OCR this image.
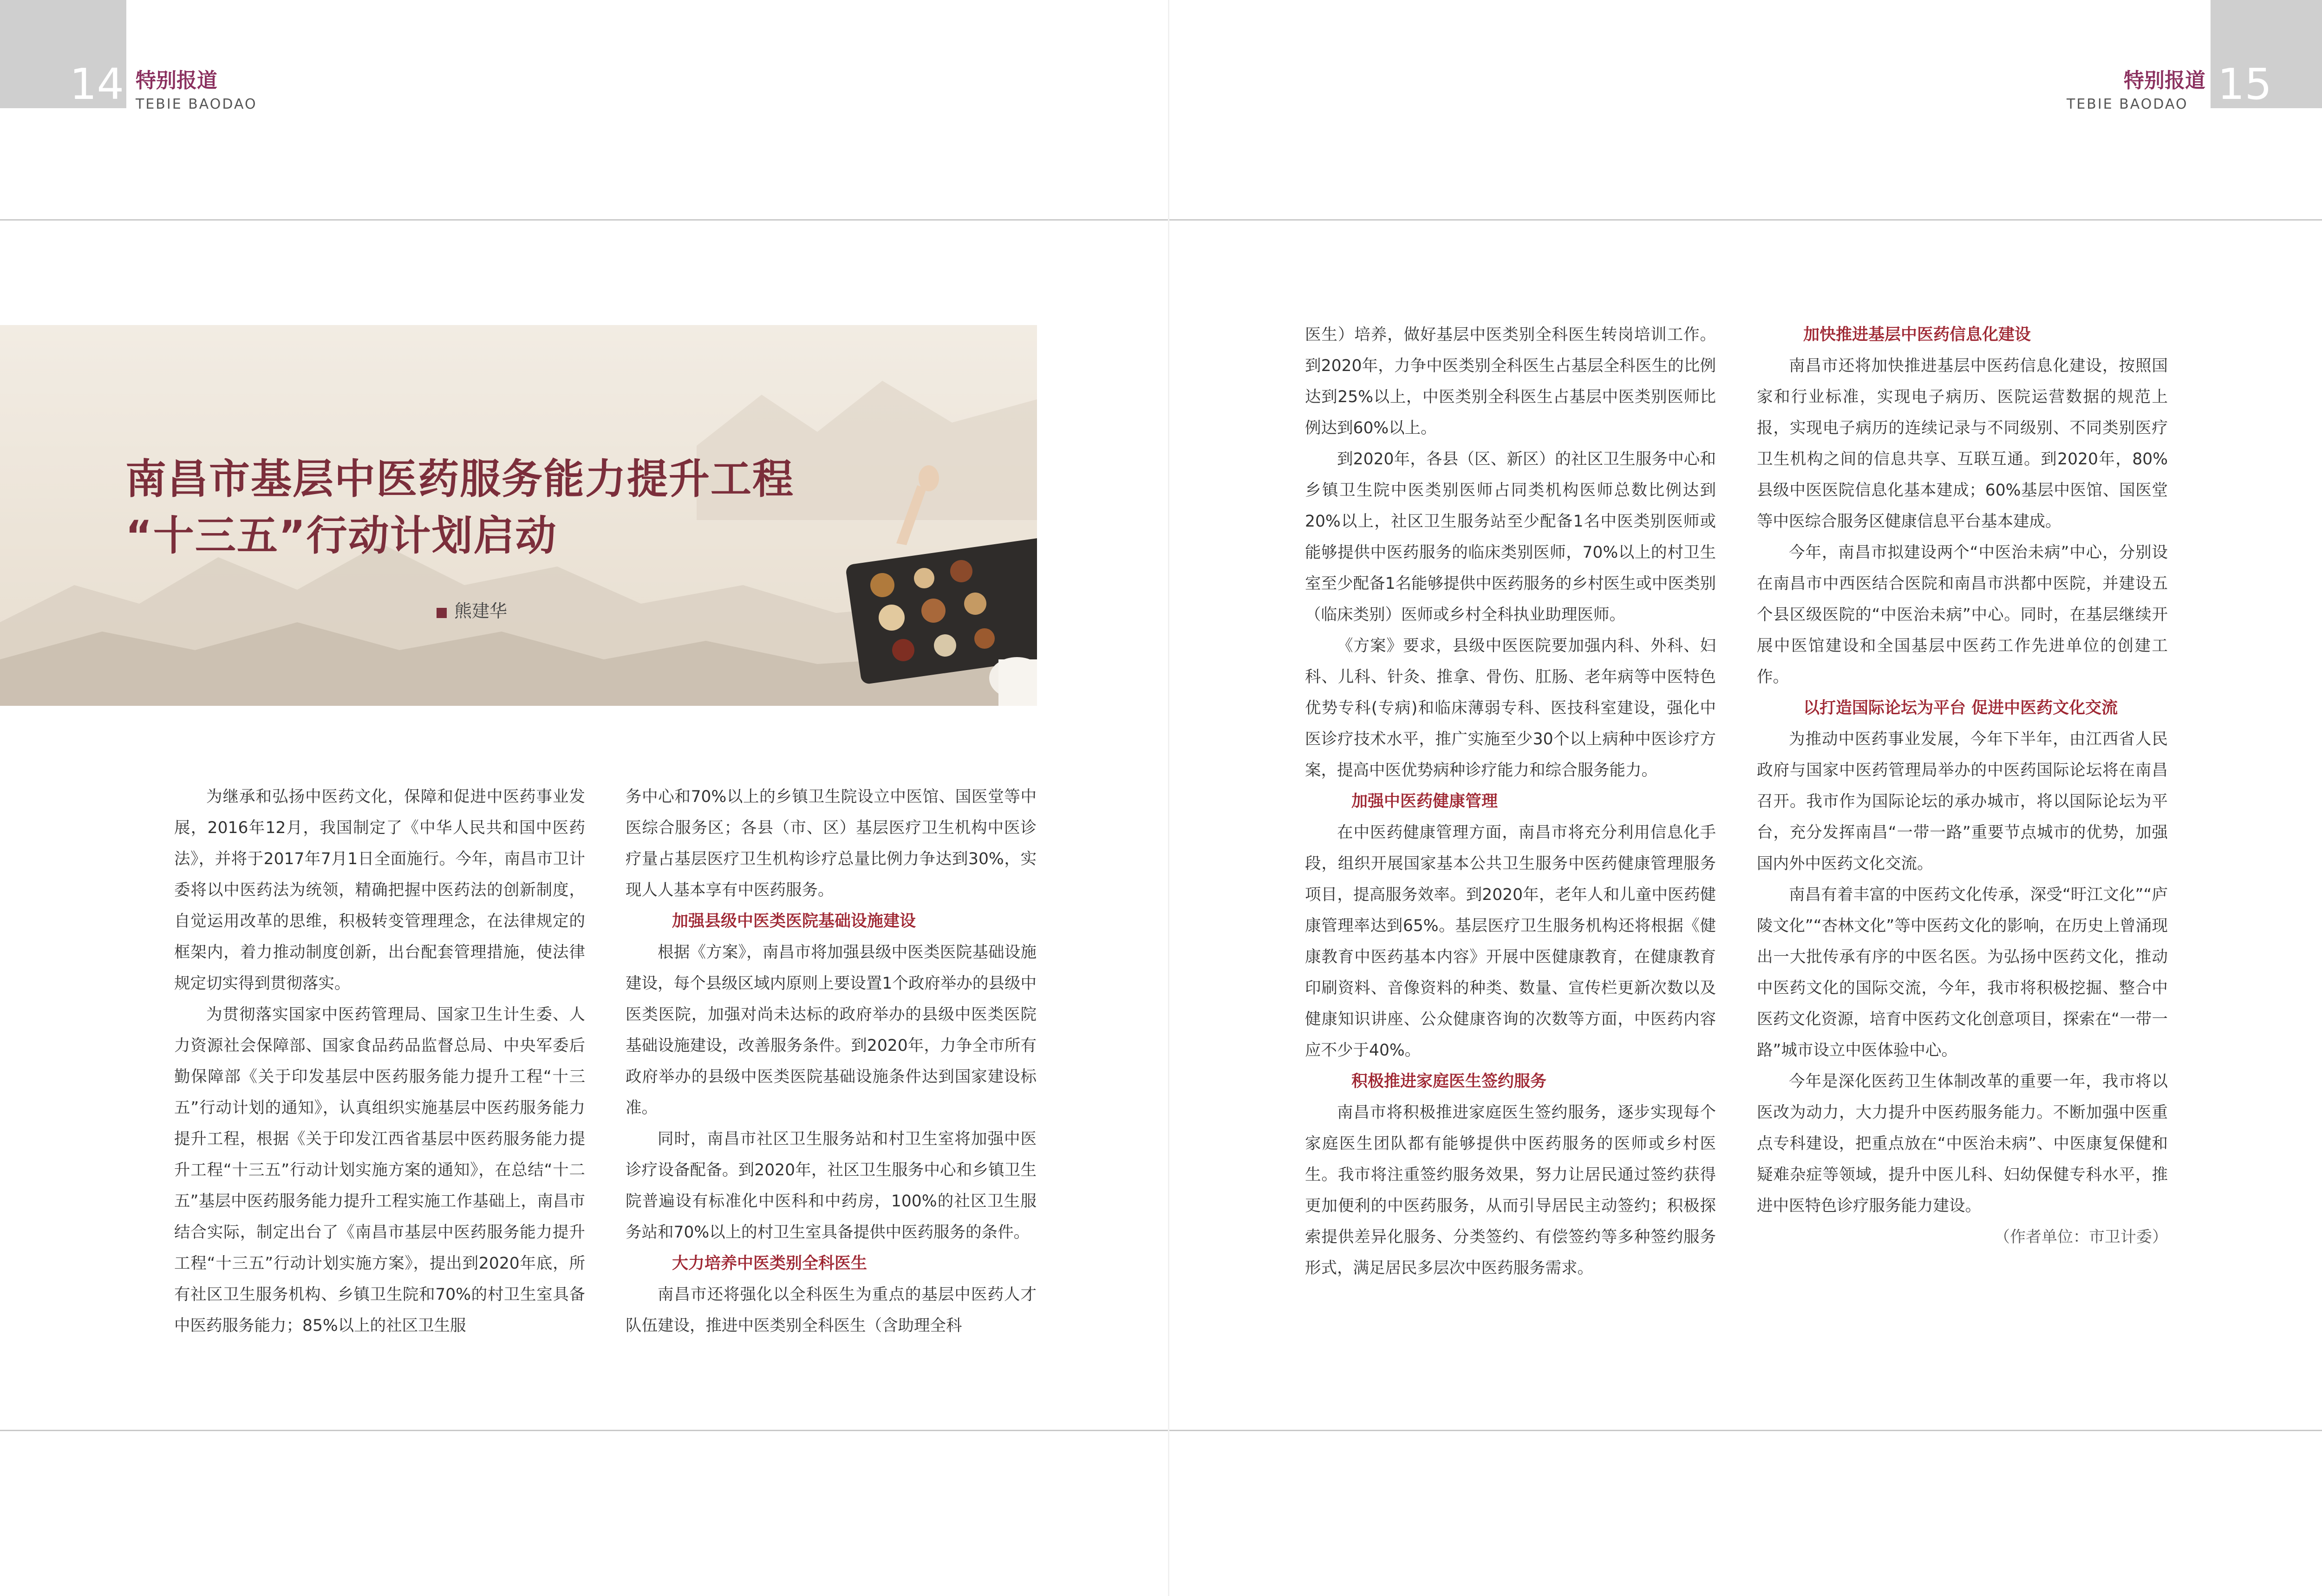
14	15
特别报道
TEBIE BAODAO
特别报道
TEBIE BAODAO
南昌市基层中医药服务能力提升工程
“十三五”行动计划启动
熊建华

为继承和弘扬中医药文化，保障和促进中医药事业发展，2016年12月，我国制定了《中华人民共和国中医药法》，并将于2017年7月1日全面施行。今年，南昌市卫计委将以中医药法为统领，精确把握中医药法的创新制度，自觉运用改革的思维，积极转变管理理念，在法律规定的框架内，着力推动制度创新，出台配套管理措施，使法律规定切实得到贯彻落实。

为贯彻落实国家中医药管理局、国家卫生计生委、人力资源社会保障部、国家食品药品监督总局、中央军委后勤保障部《关于印发基层中医药服务能力提升工程“十三五”行动计划的通知》，认真组织实施基层中医药服务能力提升工程，根据《关于印发江西省基层中医药服务能力提升工程“十三五”行动计划实施方案的通知》，在总结“十二五”基层中医药服务能力提升工程实施工作基础上，南昌市结合实际，制定出台了《南昌市基层中医药服务能力提升工程“十三五”行动计划实施方案》，提出到2020年底，所有社区卫生服务机构、乡镇卫生院和70%的村卫生室具备中医药服务能力；85%以上的社区卫生服

务中心和70%以上的乡镇卫生院设立中医馆、国医堂等中医综合服务区；各县（市、区）基层医疗卫生机构中医诊疗量占基层医疗卫生机构诊疗总量比例力争达到30%，实现人人基本享有中医药服务。

加强县级中医类医院基础设施建设

根据《方案》，南昌市将加强县级中医类医院基础设施建设，每个县级区域内原则上要设置1个政府举办的县级中医类医院，加强对尚未达标的政府举办的县级中医类医院基础设施建设，改善服务条件。到2020年，力争全市所有政府举办的县级中医类医院基础设施条件达到国家建设标准。

同时，南昌市社区卫生服务站和村卫生室将加强中医诊疗设备配备。到2020年，社区卫生服务中心和乡镇卫生院普遍设有标准化中医科和中药房，100%的社区卫生服务站和70%以上的村卫生室具备提供中医药服务的条件。

大力培养中医类别全科医生

南昌市还将强化以全科医生为重点的基层中医药人才队伍建设，推进中医类别全科医生（含助理全科

医生）培养，做好基层中医类别全科医生转岗培训工作。到2020年，力争中医类别全科医生占基层全科医生的比例达到25%以上，中医类别全科医生占基层中医类别医师比例达到60%以上。

到2020年，各县（区、新区）的社区卫生服务中心和乡镇卫生院中医类别医师占同类机构医师总数比例达到20%以上，社区卫生服务站至少配备1名中医类别医师或能够提供中医药服务的临床类别医师，70%以上的村卫生室至少配备1名能够提供中医药服务的乡村医生或中医类别（临床类别）医师或乡村全科执业助理医师。

《方案》要求，县级中医医院要加强内科、外科、妇科、儿科、针灸、推拿、骨伤、肛肠、老年病等中医特色优势专科(专病)和临床薄弱专科、医技科室建设，强化中医诊疗技术水平，推广实施至少30个以上病种中医诊疗方案，提高中医优势病种诊疗能力和综合服务能力。

加强中医药健康管理

在中医药健康管理方面，南昌市将充分利用信息化手段，组织开展国家基本公共卫生服务中医药健康管理服务项目，提高服务效率。到2020年，老年人和儿童中医药健康管理率达到65%。基层医疗卫生服务机构还将根据《健康教育中医药基本内容》开展中医健康教育，在健康教育印刷资料、音像资料的种类、数量、宣传栏更新次数以及健康知识讲座、公众健康咨询的次数等方面，中医药内容应不少于40%。

积极推进家庭医生签约服务

南昌市将积极推进家庭医生签约服务，逐步实现每个家庭医生团队都有能够提供中医药服务的医师或乡村医生。我市将注重签约服务效果，努力让居民通过签约获得更加便利的中医药服务，从而引导居民主动签约；积极探索提供差异化服务、分类签约、有偿签约等多种签约服务形式，满足居民多层次中医药服务需求。

加快推进基层中医药信息化建设

南昌市还将加快推进基层中医药信息化建设，按照国家和行业标准，实现电子病历、医院运营数据的规范上报，实现电子病历的连续记录与不同级别、不同类别医疗卫生机构之间的信息共享、互联互通。到2020年，80%县级中医医院信息化基本建成；60%基层中医馆、国医堂等中医综合服务区健康信息平台基本建成。

今年，南昌市拟建设两个“中医治未病”中心，分别设在南昌市中西医结合医院和南昌市洪都中医院，并建设五个县区级医院的“中医治未病”中心。同时，在基层继续开展中医馆建设和全国基层中医药工作先进单位的创建工作。

以打造国际论坛为平台 促进中医药文化交流

为推动中医药事业发展，今年下半年，由江西省人民政府与国家中医药管理局举办的中医药国际论坛将在南昌召开。我市作为国际论坛的承办城市，将以国际论坛为平台，充分发挥南昌“一带一路”重要节点城市的优势，加强国内外中医药文化交流。

南昌有着丰富的中医药文化传承，深受“盱江文化”“庐陵文化”“杏林文化”等中医药文化的影响，在历史上曾涌现出一大批传承有序的中医名医。为弘扬中医药文化，推动中医药文化的国际交流，今年，我市将积极挖掘、整合中医药文化资源，培育中医药文化创意项目，探索在“一带一路”城市设立中医体验中心。

今年是深化医药卫生体制改革的重要一年，我市将以医改为动力，大力提升中医药服务能力。不断加强中医重点专科建设，把重点放在“中医治未病”、中医康复保健和疑难杂症等领域，提升中医儿科、妇幼保健专科水平，推进中医特色诊疗服务能力建设。

（作者单位：市卫计委）
